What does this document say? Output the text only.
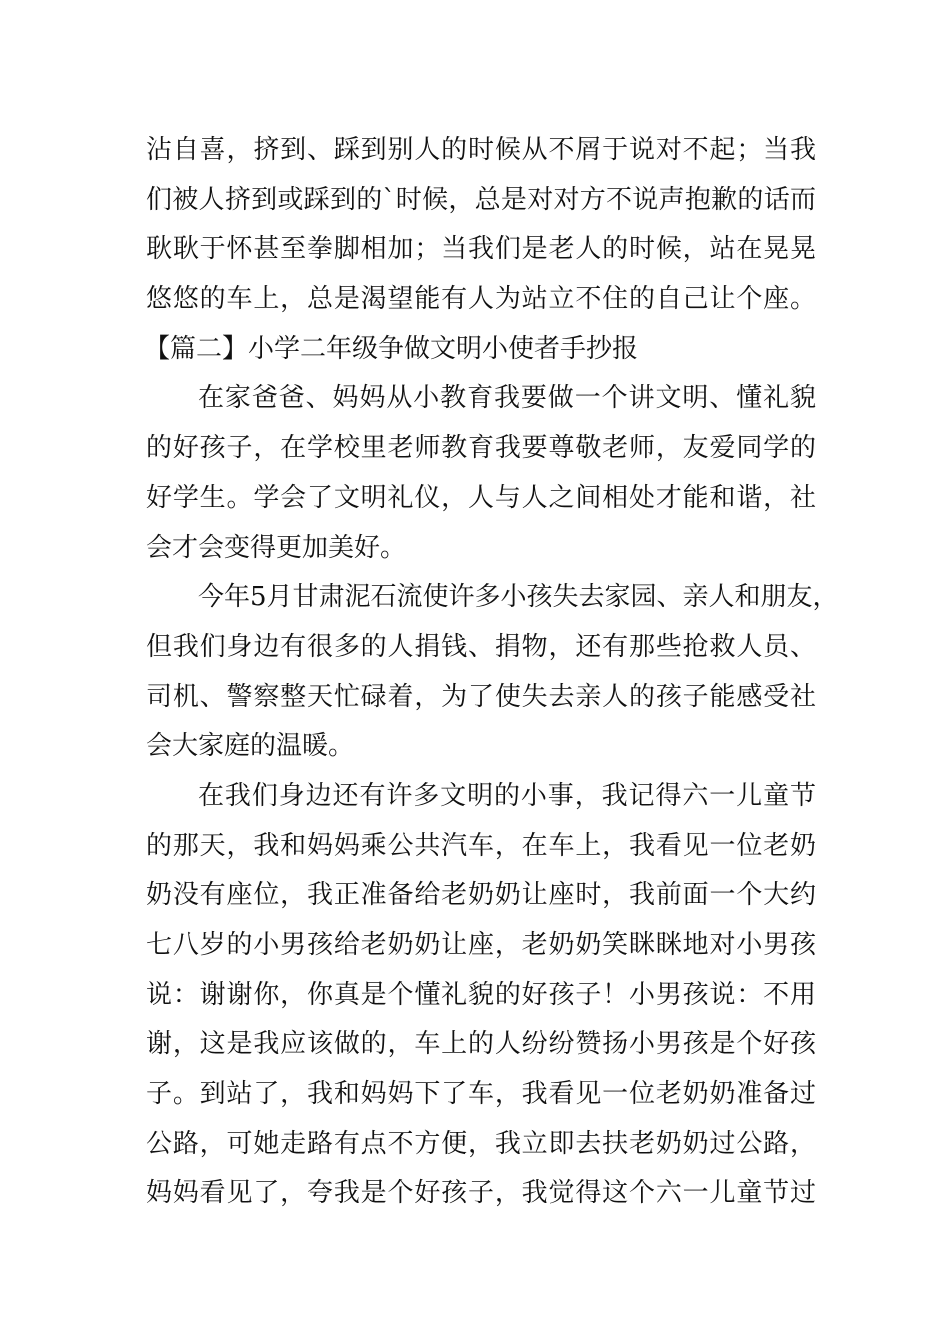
沾自喜，挤到、踩到别人的时候从不屑于说对不起；当我
们被人挤到或踩到的`时候，总是对对方不说声抱歉的话而
耿耿于怀甚至拳脚相加；当我们是老人的时候，站在晃晃
悠悠的车上，总是渴望能有人为站立不住的自己让个座。
【篇二】小学二年级争做文明小使者手抄报
在家爸爸、妈妈从小教育我要做一个讲文明、懂礼貌
的好孩子，在学校里老师教育我要尊敬老师，友爱同学的
好学生。学会了文明礼仪，人与人之间相处才能和谐，社
会才会变得更加美好。
今年5月甘肃泥石流使许多小孩失去家园、亲人和朋友，
但我们身边有很多的人捐钱、捐物，还有那些抢救人员、
司机、警察整天忙碌着，为了使失去亲人的孩子能感受社
会大家庭的温暖。
在我们身边还有许多文明的小事，我记得六一儿童节
的那天，我和妈妈乘公共汽车，在车上，我看见一位老奶
奶没有座位，我正准备给老奶奶让座时，我前面一个大约
七八岁的小男孩给老奶奶让座，老奶奶笑眯眯地对小男孩
说：谢谢你，你真是个懂礼貌的好孩子！小男孩说：不用
谢，这是我应该做的，车上的人纷纷赞扬小男孩是个好孩
子。到站了，我和妈妈下了车，我看见一位老奶奶准备过
公路，可她走路有点不方便，我立即去扶老奶奶过公路，
妈妈看见了，夸我是个好孩子，我觉得这个六一儿童节过
